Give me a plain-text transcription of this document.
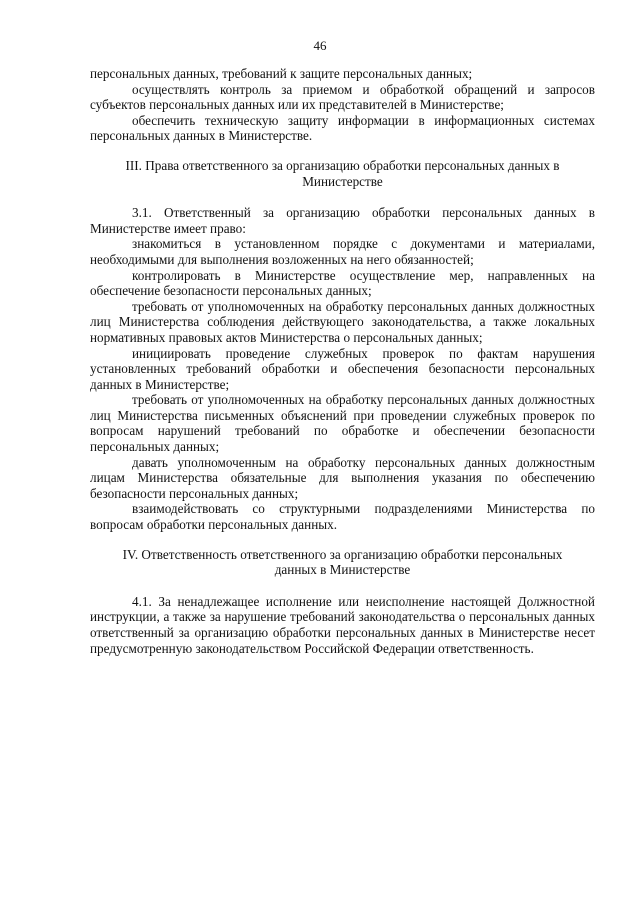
46

персональных данных, требований к защите персональных данных;

осуществлять контроль за приемом и обработкой обращений и запросов субъектов персональных данных или их представителей в Министерстве;

обеспечить техническую защиту информации в информационных системах персональных данных в Министерстве.

III. Права ответственного за организацию обработки персональных данных в Министерстве

3.1. Ответственный за организацию обработки персональных данных в Министерстве имеет право:

знакомиться в установленном порядке с документами и материалами, необходимыми для выполнения возложенных на него обязанностей;

контролировать в Министерстве осуществление мер, направленных на обеспечение безопасности персональных данных;

требовать от уполномоченных на обработку персональных данных должностных лиц Министерства соблюдения действующего законодательства, а также локальных нормативных правовых актов Министерства о персональных данных;

инициировать проведение служебных проверок по фактам нарушения установленных требований обработки и обеспечения безопасности персональных данных в Министерстве;

требовать от уполномоченных на обработку персональных данных должностных лиц Министерства письменных объяснений при проведении служебных проверок по вопросам нарушений требований по обработке и обеспечении безопасности персональных данных;

давать уполномоченным на обработку персональных данных должностным лицам Министерства обязательные для выполнения указания по обеспечению безопасности персональных данных;

взаимодействовать со структурными подразделениями Министерства по вопросам обработки персональных данных.

IV. Ответственность ответственного за организацию обработки персональных данных в Министерстве

4.1. За ненадлежащее исполнение или неисполнение настоящей Должностной инструкции, а также за нарушение требований законодательства о персональных данных ответственный за организацию обработки персональных данных в Министерстве несет предусмотренную законодательством Российской Федерации ответственность.
